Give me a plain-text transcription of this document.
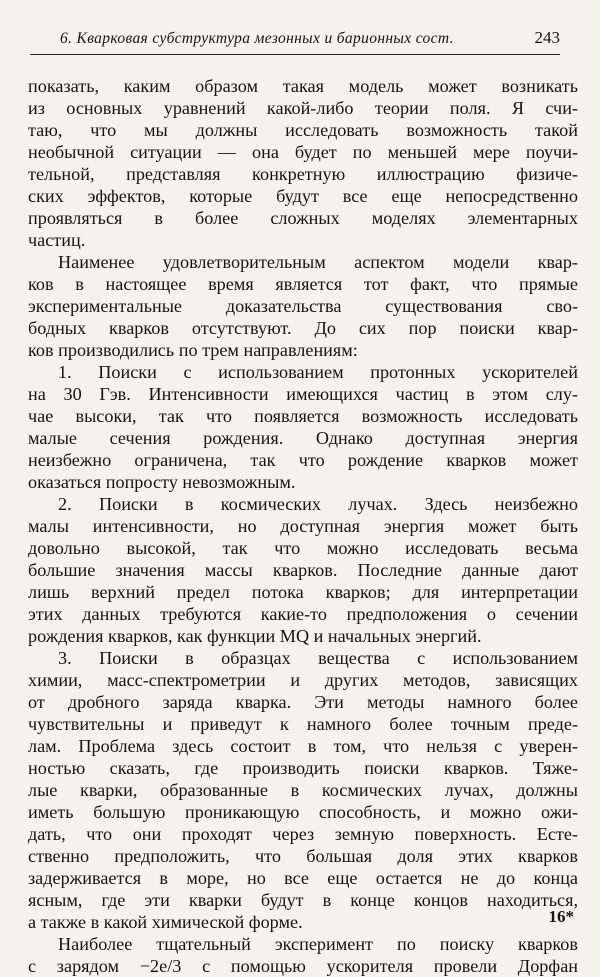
6. Кварковая субструктура мезонных и барионных сост.	243
показать, каким образом такая модель может возникать
из основных уравнений какой-либо теории поля. Я счи-
таю, что мы должны исследовать возможность такой
необычной ситуации — она будет по меньшей мере поучи-
тельной, представляя конкретную иллюстрацию физиче-
ских эффектов, которые будут все еще непосредственно
проявляться в более сложных моделях элементарных
частиц.
Наименее удовлетворительным аспектом модели квар-
ков в настоящее время является тот факт, что прямые
экспериментальные доказательства существования сво-
бодных кварков отсутствуют. До сих пор поиски квар-
ков производились по трем направлениям:
1. Поиски с использованием протонных ускорителей
на 30 Гэв. Интенсивности имеющихся частиц в этом слу-
чае высоки, так что появляется возможность исследовать
малые сечения рождения. Однако доступная энергия
неизбежно ограничена, так что рождение кварков может
оказаться попросту невозможным.
2. Поиски в космических лучах. Здесь неизбежно
малы интенсивности, но доступная энергия может быть
довольно высокой, так что можно исследовать весьма
большие значения массы кварков. Последние данные дают
лишь верхний предел потока кварков; для интерпретации
этих данных требуются какие-то предположения о сечении
рождения кварков, как функции MQ и начальных энергий.
3. Поиски в образцах вещества с использованием
химии, масс-спектрометрии и других методов, зависящих
от дробного заряда кварка. Эти методы намного более
чувствительны и приведут к намного более точным преде-
лам. Проблема здесь состоит в том, что нельзя с уверен-
ностью сказать, где производить поиски кварков. Тяже-
лые кварки, образованные в космических лучах, должны
иметь большую проникающую способность, и можно ожи-
дать, что они проходят через земную поверхность. Есте-
ственно предположить, что большая доля этих кварков
задерживается в море, но все еще остается не до конца
ясным, где эти кварки будут в конце концов находиться,
а также в какой химической форме.
Наиболее тщательный эксперимент по поиску кварков
с зарядом −2e/3 с помощью ускорителя провели Дорфан
16*
